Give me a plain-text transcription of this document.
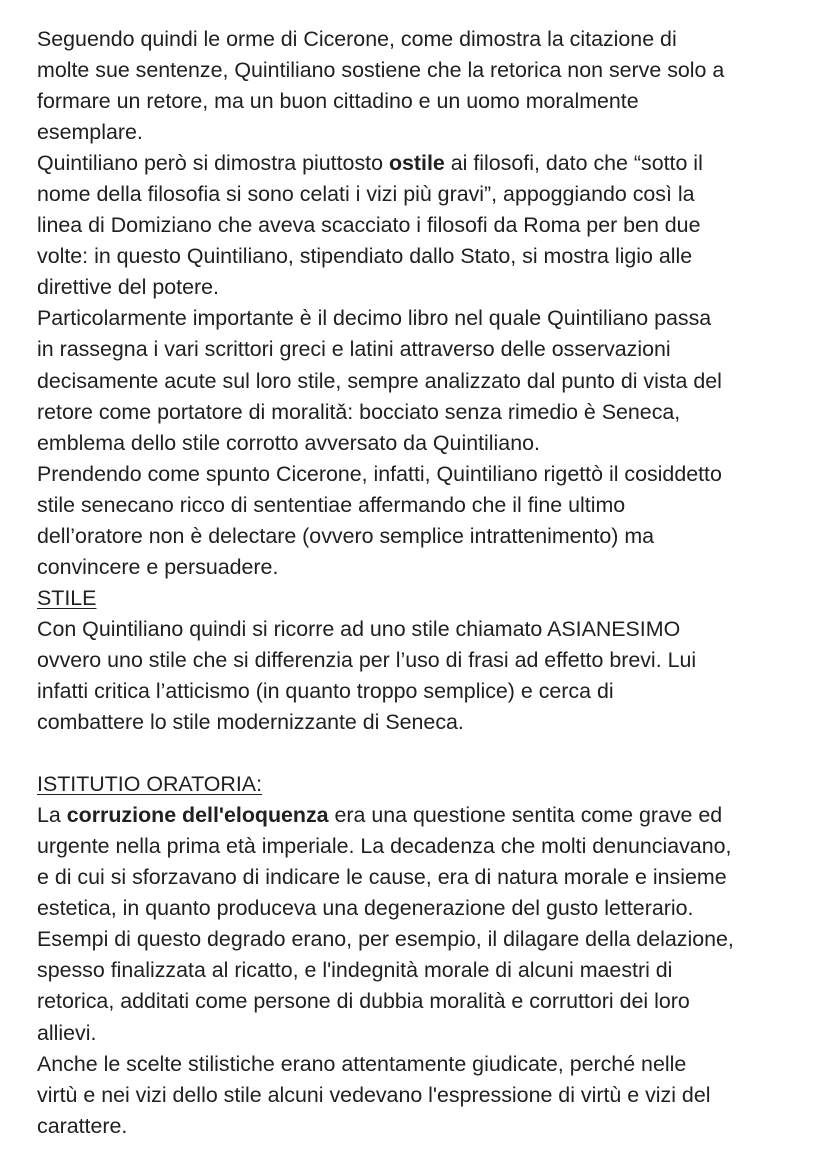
Seguendo quindi le orme di Cicerone, come dimostra la citazione di
molte sue sentenze, Quintiliano sostiene che la retorica non serve solo a
formare un retore, ma un buon cittadino e un uomo moralmente
esemplare.
Quintiliano però si dimostra piuttosto ostile ai filosofi, dato che “sotto il
nome della filosofia si sono celati i vizi più gravi”, appoggiando così la
linea di Domiziano che aveva scacciato i filosofi da Roma per ben due
volte: in questo Quintiliano, stipendiato dallo Stato, si mostra ligio alle
direttive del potere.
Particolarmente importante è il decimo libro nel quale Quintiliano passa
in rassegna i vari scrittori greci e latini attraverso delle osservazioni
decisamente acute sul loro stile, sempre analizzato dal punto di vista del
retore come portatore di moralitǎ: bocciato senza rimedio è Seneca,
emblema dello stile corrotto avversato da Quintiliano.
Prendendo come spunto Cicerone, infatti, Quintiliano rigettò il cosiddetto
stile senecano ricco di sententiae affermando che il fine ultimo
dell’oratore non è delectare (ovvero semplice intrattenimento) ma
convincere e persuadere.
STILE
Con Quintiliano quindi si ricorre ad uno stile chiamato ASIANESIMO
ovvero uno stile che si differenzia per l’uso di frasi ad effetto brevi. Lui
infatti critica l’atticismo (in quanto troppo semplice) e cerca di
combattere lo stile modernizzante di Seneca.
ISTITUTIO ORATORIA:
La corruzione dell'eloquenza era una questione sentita come grave ed
urgente nella prima età imperiale. La decadenza che molti denunciavano,
e di cui si sforzavano di indicare le cause, era di natura morale e insieme
estetica, in quanto produceva una degenerazione del gusto letterario.
Esempi di questo degrado erano, per esempio, il dilagare della delazione,
spesso finalizzata al ricatto, e l'indegnità morale di alcuni maestri di
retorica, additati come persone di dubbia moralità e corruttori dei loro
allievi.
Anche le scelte stilistiche erano attentamente giudicate, perché nelle
virtù e nei vizi dello stile alcuni vedevano l'espressione di virtù e vizi del
carattere.
